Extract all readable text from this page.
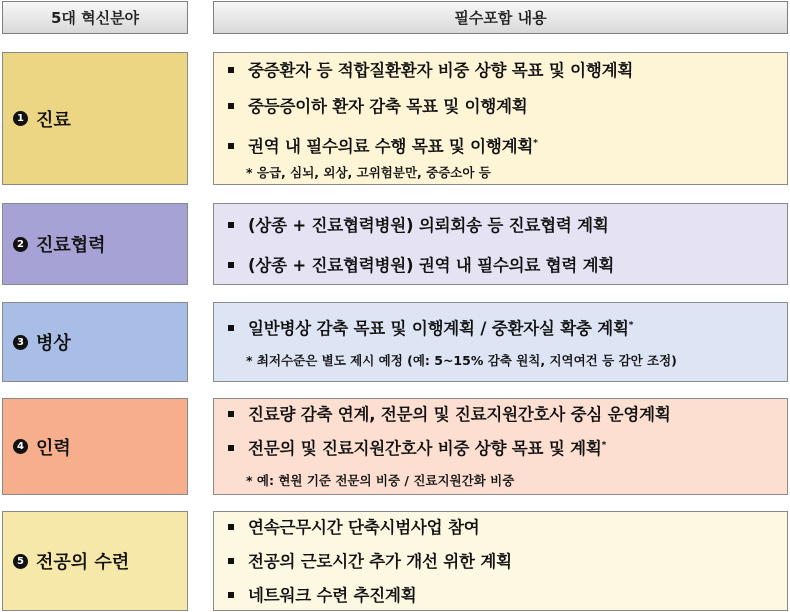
5대 혁신분야	필수포함 내용
1 진료
중증환자 등 적합질환환자 비중 상향 목표 및 이행계획
중등증이하 환자 감축 목표 및 이행계획
권역 내 필수의료 수행 목표 및 이행계획*
* 응급, 심뇌, 외상, 고위험분만, 중증소아 등
2 진료협력
(상종 + 진료협력병원) 의뢰회송 등 진료협력 계획
(상종 + 진료협력병원) 권역 내 필수의료 협력 계획
3 병상
일반병상 감축 목표 및 이행계획 / 중환자실 확충 계획*
* 최저수준은 별도 제시 예정 (예: 5~15% 감축 원칙, 지역여건 등 감안 조정)
4 인력
진료량 감축 연계, 전문의 및 진료지원간호사 중심 운영계획
전문의 및 진료지원간호사 비중 상향 목표 및 계획*
* 예: 현원 기준 전문의 비중 / 진료지원간화 비중
5 전공의 수련
연속근무시간 단축시범사업 참여
전공의 근로시간 추가 개선 위한 계획
네트워크 수련 추진계획
